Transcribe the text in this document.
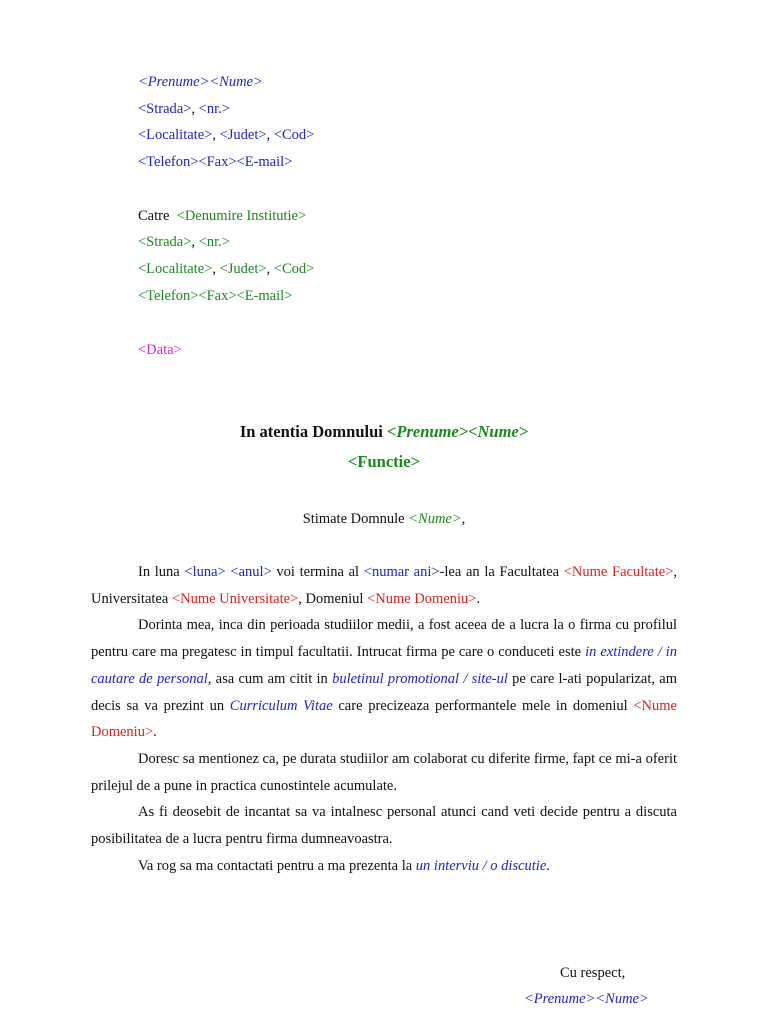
<Prenume><Nume>
<Strada>, <nr.>
<Localitate>, <Judet>, <Cod>
<Telefon><Fax><E-mail>
Catre <Denumire Institutie>
<Strada>, <nr.>
<Localitate>, <Judet>, <Cod>
<Telefon><Fax><E-mail>
<Data>
In atentia Domnului <Prenume><Nume>
<Functie>
Stimate Domnule <Nume>,

In luna <luna> <anul> voi termina al <numar ani>-lea an la Facultatea <Nume Facultate>, Universitatea <Nume Universitate>, Domeniul <Nume Domeniu>.

Dorinta mea, inca din perioada studiilor medii, a fost aceea de a lucra la o firma cu profilul pentru care ma pregatesc in timpul facultatii. Intrucat firma pe care o conduceti este in extindere / in cautare de personal, asa cum am citit in buletinul promotional / site-ul pe care l-ati popularizat, am decis sa va prezint un Curriculum Vitae care precizeaza performantele mele in domeniul <Nume Domeniu>.

Doresc sa mentionez ca, pe durata studiilor am colaborat cu diferite firme, fapt ce mi-a oferit prilejul de a pune in practica cunostintele acumulate.

As fi deosebit de incantat sa va intalnesc personal atunci cand veti decide pentru a discuta posibilitatea de a lucra pentru firma dumneavoastra.

Va rog sa ma contactati pentru a ma prezenta la un interviu / o discutie.

Cu respect,
<Prenume><Nume>
